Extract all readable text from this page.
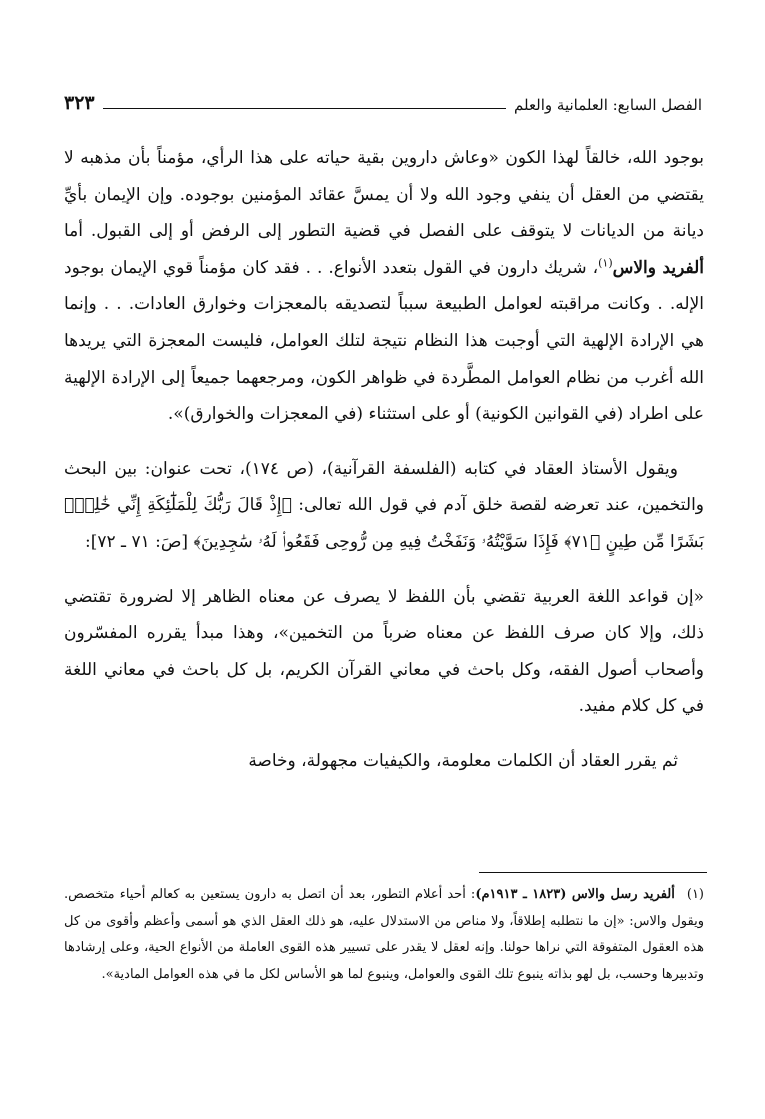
الفصل السابع: العلمانية والعلم
٣٢٣

بوجود الله، خالقاً لهذا الكون «وعاش داروين بقية حياته على هذا الرأي، مؤمناً بأن مذهبه لا يقتضي من العقل أن ينفي وجود الله ولا أن يمسَّ عقائد المؤمنين بوجوده. وإن الإيمان بأيِّ ديانة من الديانات لا يتوقف على الفصل في قضية التطور إلى الرفض أو إلى القبول. أما ألفريد والاس$^{(١)}$، شريك دارون في القول بتعدد الأنواع. . . فقد كان مؤمناً قوي الإيمان بوجود الإله. . وكانت مراقبته لعوامل الطبيعة سبباً لتصديقه بالمعجزات وخوارق العادات. . . وإنما هي الإرادة الإلهية التي أوجبت هذا النظام نتيجة لتلك العوامل، فليست المعجزة التي يريدها الله أغرب من نظام العوامل المطَّردة في ظواهر الكون، ومرجعهما جميعاً إلى الإرادة الإلهية على اطراد (في القوانين الكونية) أو على استثناء (في المعجزات والخوارق)».

ويقول الأستاذ العقاد في كتابه (الفلسفة القرآنية)، (ص ١٧٤)، تحت عنوان: بين البحث والتخمين، عند تعرضه لقصة خلق آدم في قول الله تعالى: ﴿إِذْ قَالَ رَبُّكَ لِلْمَلَٰٓئِكَةِ إِنِّي خَٰلِقٌۢ بَشَرًا مِّن طِينٍ ﴿٧١﴾ فَإِذَا سَوَّيْتُهُۥ وَنَفَخْتُ فِيهِ مِن رُّوحِى فَقَعُوا۟ لَهُۥ سَٰجِدِينَ﴾ [صَ: ٧١ ـ ٧٢]:

«إن قواعد اللغة العربية تقضي بأن اللفظ لا يصرف عن معناه الظاهر إلا لضرورة تقتضي ذلك، وإلا كان صرف اللفظ عن معناه ضرباً من التخمين»، وهذا مبدأ يقرره المفسّرون وأصحاب أصول الفقه، وكل باحث في معاني القرآن الكريم، بل كل باحث في معاني اللغة في كل كلام مفيد.

ثم يقرر العقاد أن الكلمات معلومة، والكيفيات مجهولة، وخاصة

(١)ألفريد رسل والاس (١٨٢٣ ـ ١٩١٣م): أحد أعلام التطور، بعد أن اتصل به دارون يستعين به كعالم أحياء متخصص. ويقول والاس: «إن ما نتطلبه إطلاقاً، ولا مناص من الاستدلال عليه، هو ذلك العقل الذي هو أسمى وأعظم وأقوى من كل هذه العقول المتفوقة التي نراها حولنا. وإنه لعقل لا يقدر على تسيير هذه القوى العاملة من الأنواع الحية، وعلى إرشادها وتدبيرها وحسب، بل لهو بذاته ينبوع تلك القوى والعوامل، وينبوع لما هو الأساس لكل ما في هذه العوامل المادية».
